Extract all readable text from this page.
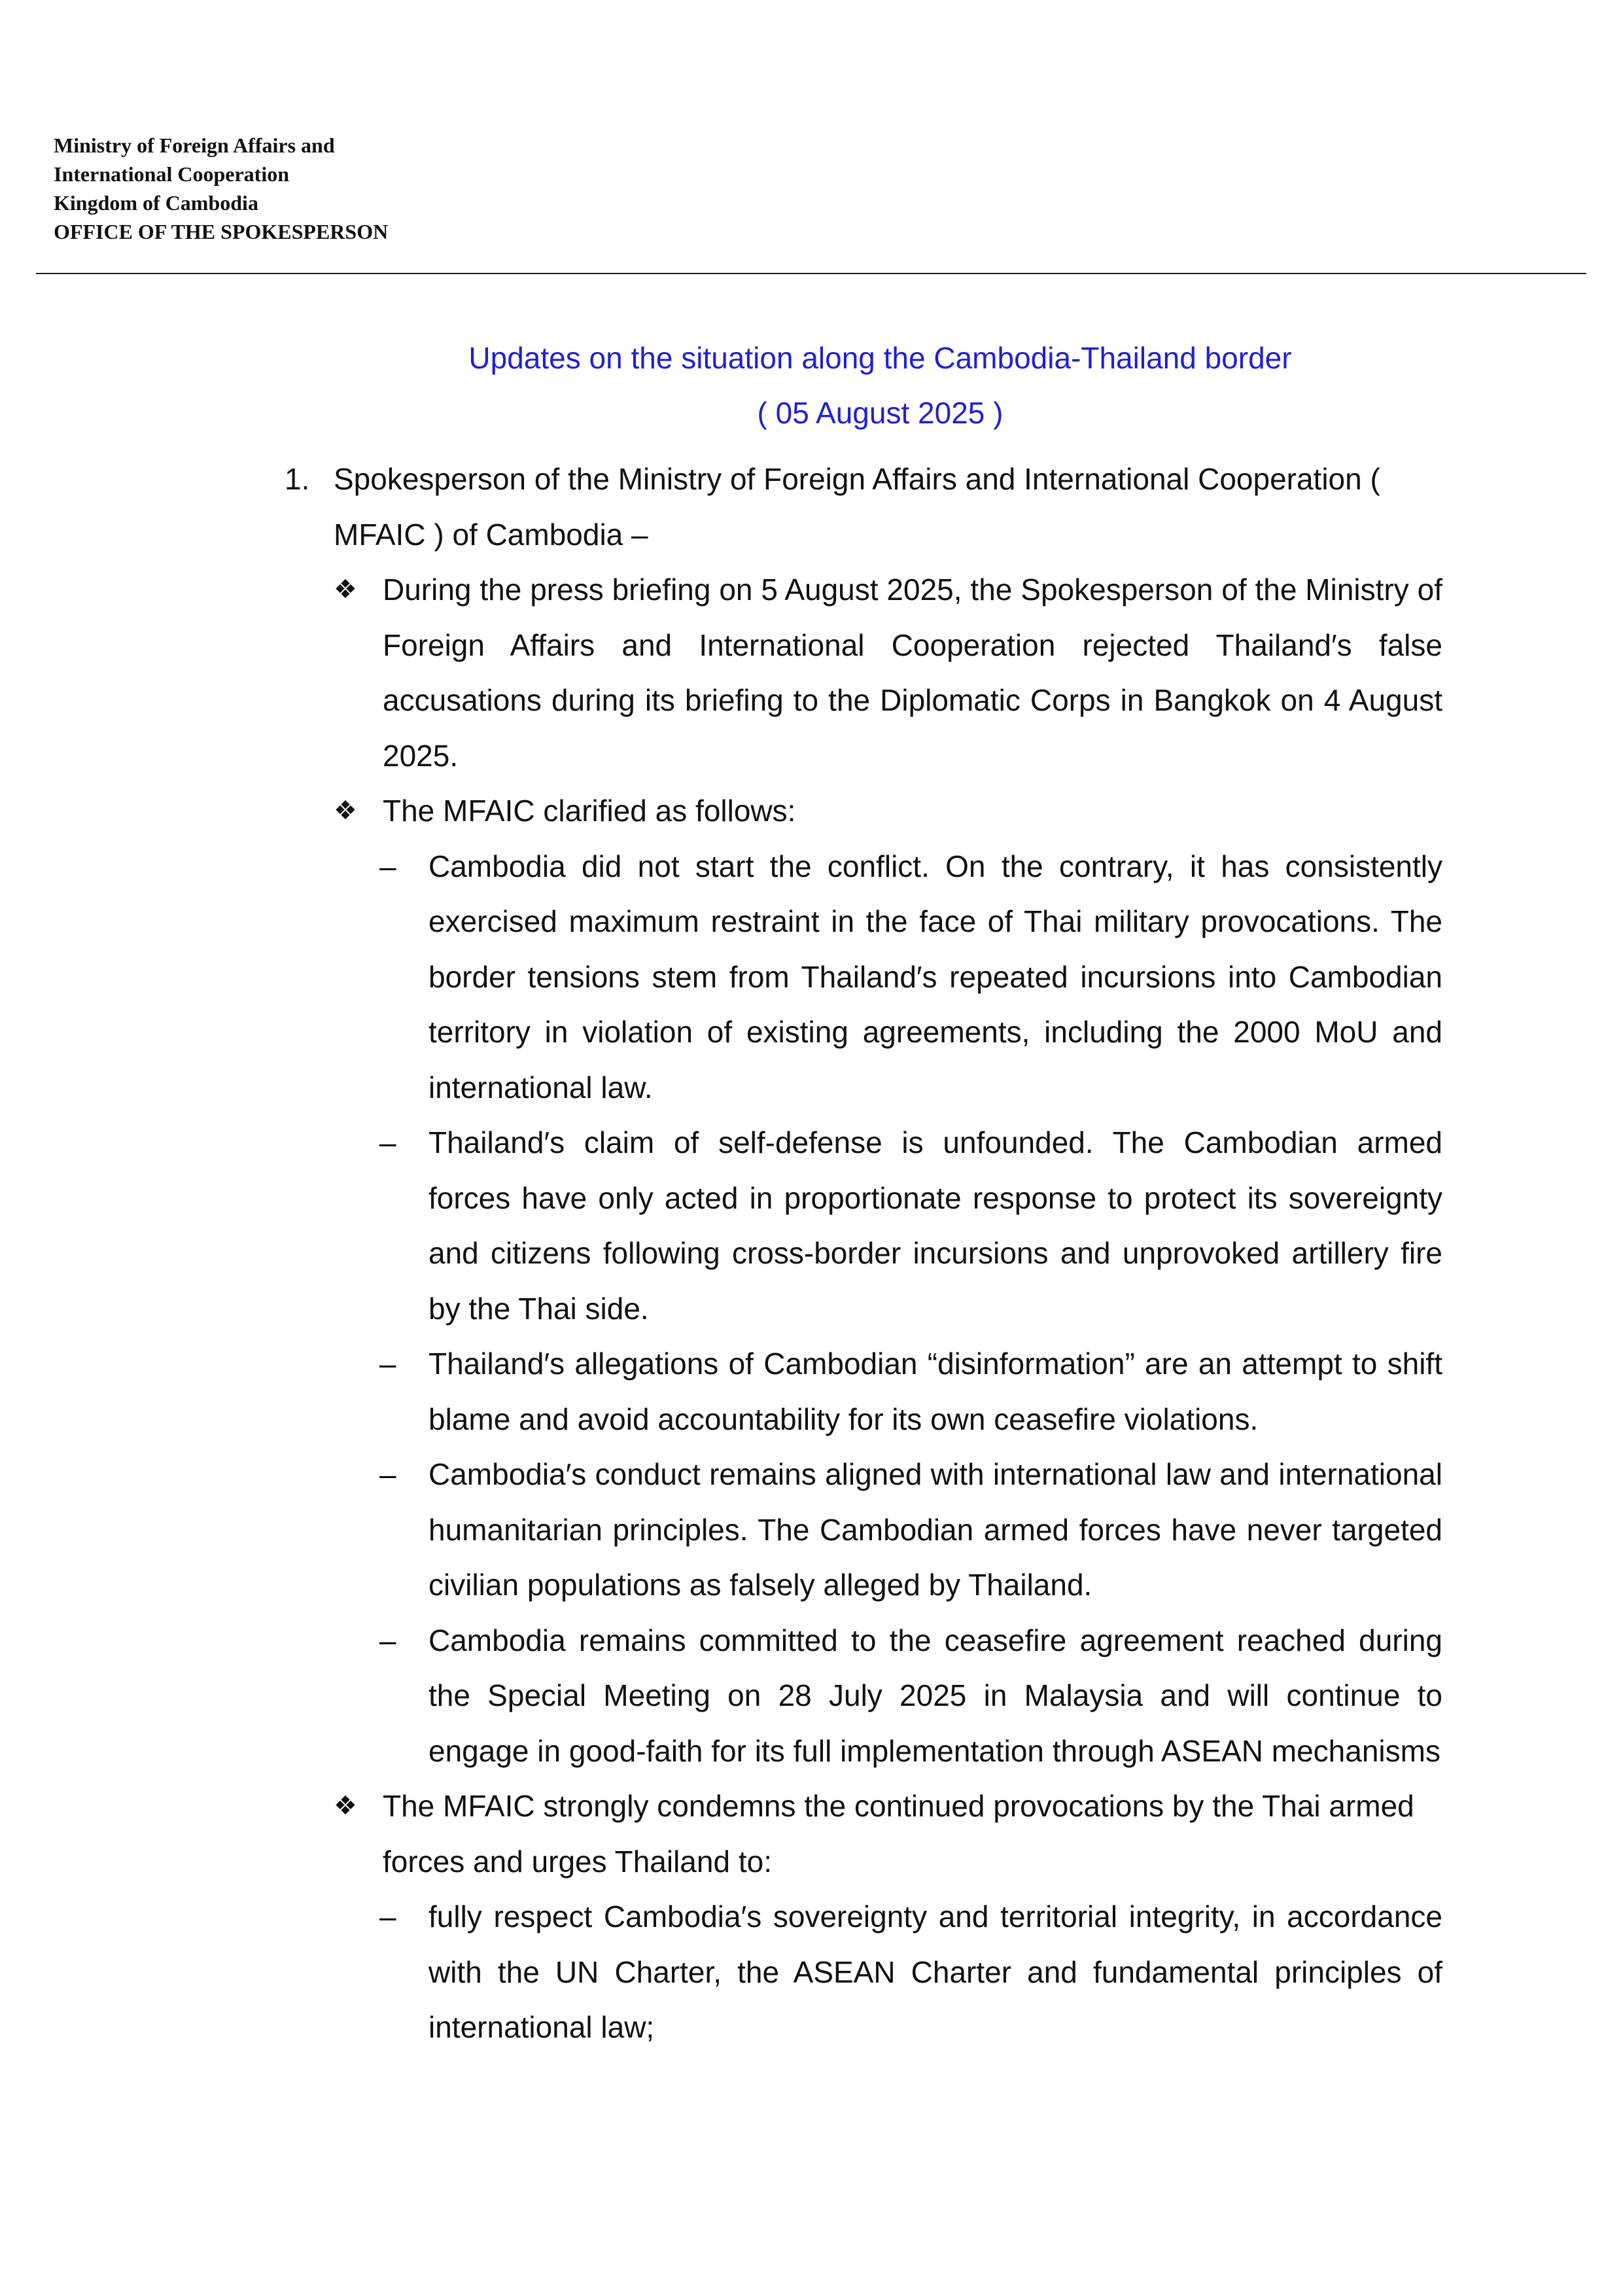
Ministry of Foreign Affairs and
International Cooperation
Kingdom of Cambodia
OFFICE OF THE SPOKESPERSON
Updates on the situation along the Cambodia-Thailand border
( 05 August 2025 )
1. Spokesperson of the Ministry of Foreign Affairs and International Cooperation ( MFAIC ) of Cambodia –
❖ During the press briefing on 5 August 2025, the Spokesperson of the Ministry of Foreign Affairs and International Cooperation rejected Thailand′s false accusations during its briefing to the Diplomatic Corps in Bangkok on 4 August 2025.
❖ The MFAIC clarified as follows:
– Cambodia did not start the conflict. On the contrary, it has consistently exercised maximum restraint in the face of Thai military provocations. The border tensions stem from Thailand′s repeated incursions into Cambodian territory in violation of existing agreements, including the 2000 MoU and international law.
– Thailand′s claim of self-defense is unfounded. The Cambodian armed forces have only acted in proportionate response to protect its sovereignty and citizens following cross-border incursions and unprovoked artillery fire by the Thai side.
– Thailand′s allegations of Cambodian “disinformation” are an attempt to shift blame and avoid accountability for its own ceasefire violations.
– Cambodia′s conduct remains aligned with international law and international humanitarian principles. The Cambodian armed forces have never targeted civilian populations as falsely alleged by Thailand.
– Cambodia remains committed to the ceasefire agreement reached during the Special Meeting on 28 July 2025 in Malaysia and will continue to engage in good-faith for its full implementation through ASEAN mechanisms
❖ The MFAIC strongly condemns the continued provocations by the Thai armed forces and urges Thailand to:
– fully respect Cambodia′s sovereignty and territorial integrity, in accordance with the UN Charter, the ASEAN Charter and fundamental principles of international law;
